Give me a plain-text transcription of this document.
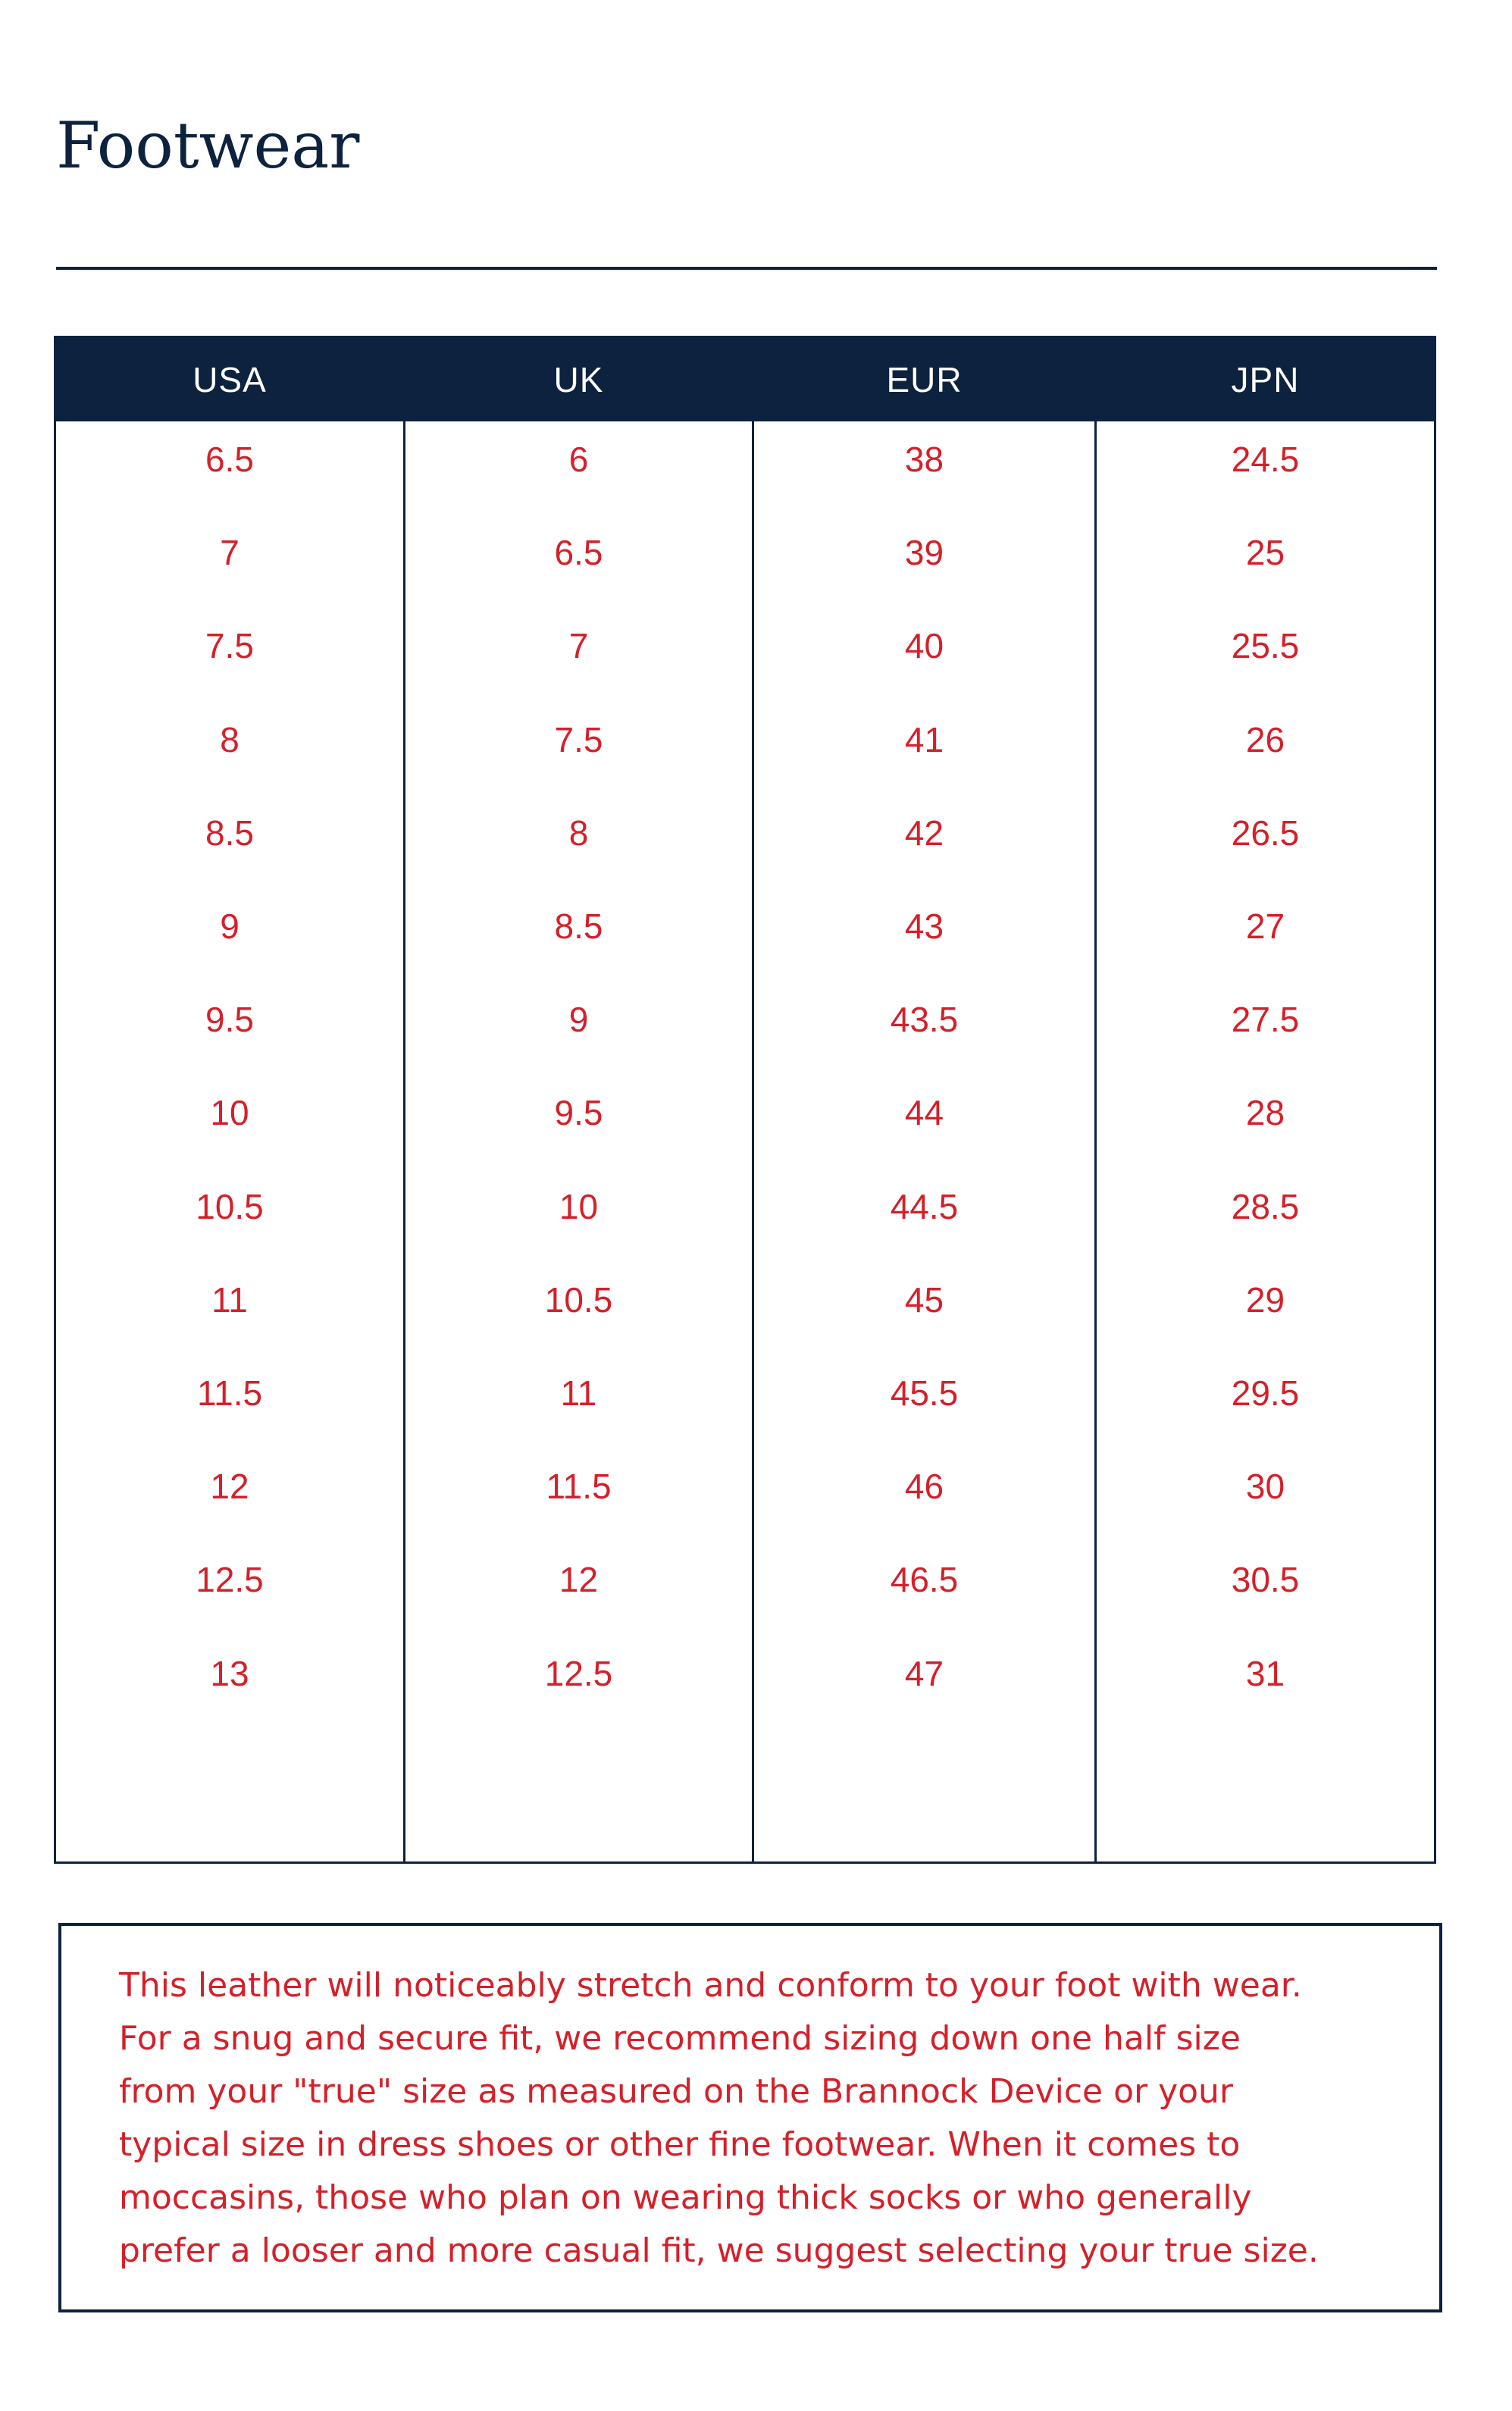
Footwear
USA
6.5
7
7.5
8
8.5
9
9.5
10
10.5
11
11.5
12
12.5
13
UK
6
6.5
7
7.5
8
8.5
9
9.5
10
10.5
11
11.5
12
12.5
EUR
38
39
40
41
42
43
43.5
44
44.5
45
45.5
46
46.5
47
JPN
24.5
25
25.5
26
26.5
27
27.5
28
28.5
29
29.5
30
30.5
31

This leather will noticeably stretch and conform to your foot with wear.
For a snug and secure fit, we recommend sizing down one half size
from your "true" size as measured on the Brannock Device or your
typical size in dress shoes or other fine footwear. When it comes to
moccasins, those who plan on wearing thick socks or who generally
prefer a looser and more casual fit, we suggest selecting your true size.
